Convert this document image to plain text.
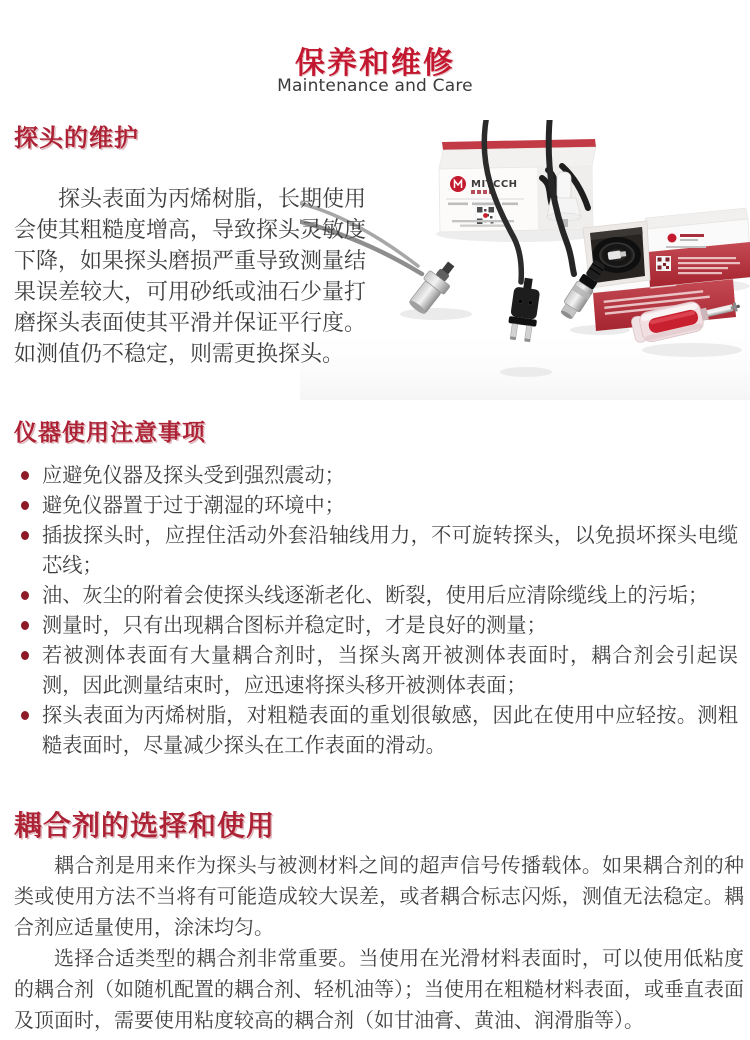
保养和维修
Maintenance and Care
MITCCH
探头的维护
探头表面为丙烯树脂，长期使用会使其粗糙度增高，导致探头灵敏度下降，如果探头磨损严重导致测量结果误差较大，可用砂纸或油石少量打磨探头表面使其平滑并保证平行度。如测值仍不稳定，则需更换探头。
仪器使用注意事项
应避免仪器及探头受到强烈震动；
避免仪器置于过于潮湿的环境中；
插拔探头时，应捏住活动外套沿轴线用力，不可旋转探头，以免损坏探头电缆芯线；
油、灰尘的附着会使探头线逐渐老化、断裂，使用后应清除缆线上的污垢；
测量时，只有出现耦合图标并稳定时，才是良好的测量；
若被测体表面有大量耦合剂时，当探头离开被测体表面时，耦合剂会引起误测，因此测量结束时，应迅速将探头移开被测体表面；
探头表面为丙烯树脂，对粗糙表面的重划很敏感，因此在使用中应轻按。测粗糙表面时，尽量减少探头在工作表面的滑动。
耦合剂的选择和使用

耦合剂是用来作为探头与被测材料之间的超声信号传播载体。如果耦合剂的种类或使用方法不当将有可能造成较大误差，或者耦合标志闪烁，测值无法稳定。耦合剂应适量使用，涂沫均匀。

选择合适类型的耦合剂非常重要。当使用在光滑材料表面时，可以使用低粘度的耦合剂（如随机配置的耦合剂、轻机油等）；当使用在粗糙材料表面，或垂直表面及顶面时，需要使用粘度较高的耦合剂（如甘油膏、黄油、润滑脂等）。
